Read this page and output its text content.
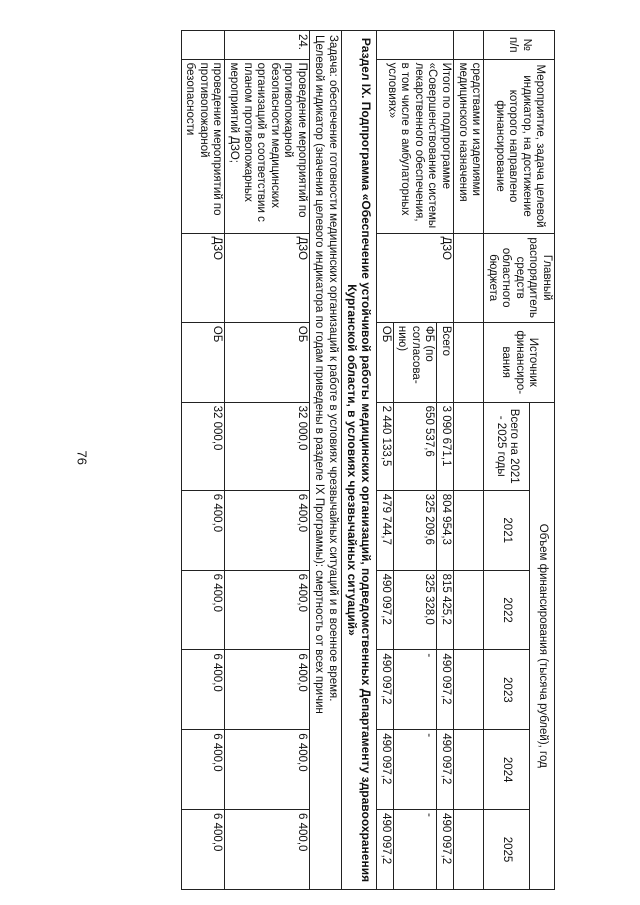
76
№ п/п	Мероприятие, задача целевой индикатор, на достижение которого направлено финансирование	Главный распорядитель средств областного бюджета	Источник финансиро-вания	Объем финансирования (тысяча рублей), год					
				Всего на 2021 - 2025 годы	2021	2022	2023	2024	2025
	средствами и изделиями медицинского назначения								
	Итого по подпрограмме «Совершенствование системы лекарственного обеспечения, в том числе в амбулаторных условиях»	ДЗО	Всего	3 090 671,1	804 954,3	815 425,2	490 097,2	490 097,2	490 097,2
			ФБ (по согласова-нию)	650 537,6	325 209,6	325 328,0	-	-	-
			ОБ	2 440 133,5	479 744,7	490 097,2	490 097,2	490 097,2	490 097,2
Раздел IX. Подпрограмма «Обеспечение устойчивой работы медицинских организаций, подведомственных Департаменту здравоохранения Курганской области, в условиях чрезвычайных ситуаций»									

Задача: обеспечение готовности медицинских организаций к работе в условиях чрезвычайных ситуаций и в военное время.
Целевой индикатор (значения целевого индикатора по годам приведены в разделе IX Программы): смертность от всех причин									

24.	Проведение мероприятий по противопожарной безопасности медицинских организаций в соответствии с планом противопожарных мероприятий ДЗО;	ДЗО	ОБ	32 000,0	6 400,0	6 400,0	6 400,0	6 400,0	6 400,0
	проведение мероприятий по противопожарной безопасности	ДЗО	ОБ	32 000,0	6 400,0	6 400,0	6 400,0	6 400,0	6 400,0
